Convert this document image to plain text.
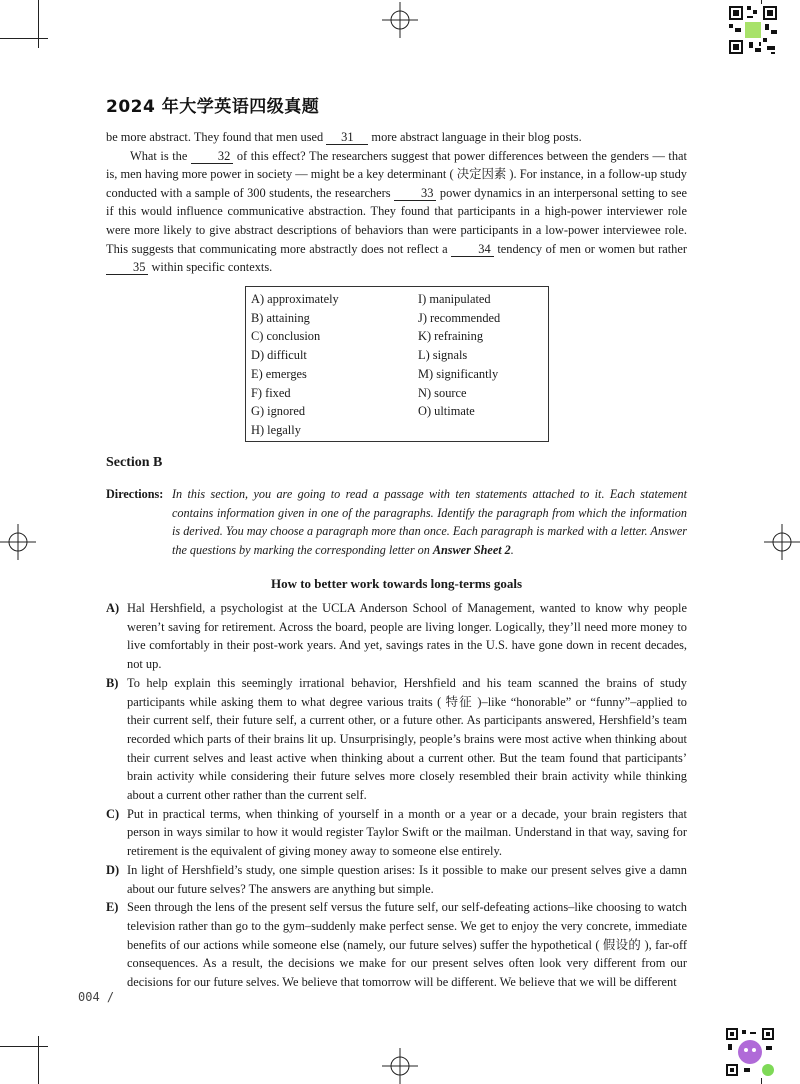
2024 年大学英语四级真题

be more abstract. They found that men used 31 more abstract language in their blog posts.

What is the 32 of this effect? The researchers suggest that power differences between the genders — that is, men having more power in society — might be a key determinant ( 决定因素 ). For instance, in a follow-up study conducted with a sample of 300 students, the researchers 33 power dynamics in an interpersonal setting to see if this would influence communicative abstraction. They found that participants in a high-power interviewer role were more likely to give abstract descriptions of behaviors than were participants in a low-power interviewee role. This suggests that communicating more abstractly does not reflect a 34 tendency of men or women but rather 35 within specific contexts.

A) approximately
B) attaining
C) conclusion
D) difficult
E) emerges
F) fixed
G) ignored
H) legally
I) manipulated
J) recommended
K) refraining
L) signals
M) significantly
N) source
O) ultimate
Section B
Directions: In this section, you are going to read a passage with ten statements attached to it. Each statement contains information given in one of the paragraphs. Identify the paragraph from which the information is derived. You may choose a paragraph more than once. Each paragraph is marked with a letter. Answer the questions by marking the corresponding letter on Answer Sheet 2.
How to better work towards long-terms goals

A) Hal Hershfield, a psychologist at the UCLA Anderson School of Management, wanted to know why people weren’t saving for retirement. Across the board, people are living longer. Logically, they’ll need more money to live comfortably in their post-work years. And yet, savings rates in the U.S. have gone down in recent decades, not up.

B) To help explain this seemingly irrational behavior, Hershfield and his team scanned the brains of study participants while asking them to what degree various traits ( 特征 )–like “honorable” or “funny”–applied to their current self, their future self, a current other, or a future other. As participants answered, Hershfield’s team recorded which parts of their brains lit up. Unsurprisingly, people’s brains were most active when thinking about their current selves and least active when thinking about a current other. But the team found that participants’ brain activity while considering their future selves more closely resembled their brain activity while thinking about a current other rather than the current self.

C) Put in practical terms, when thinking of yourself in a month or a year or a decade, your brain registers that person in ways similar to how it would register Taylor Swift or the mailman. Understand in that way, saving for retirement is the equivalent of giving money away to someone else entirely.

D) In light of Hershfield’s study, one simple question arises: Is it possible to make our present selves give a damn about our future selves? The answers are anything but simple.

E) Seen through the lens of the present self versus the future self, our self-defeating actions–like choosing to watch television rather than go to the gym–suddenly make perfect sense. We get to enjoy the very concrete, immediate benefits of our actions while someone else (namely, our future selves) suffer the hypothetical ( 假设的 ), far-off consequences. As a result, the decisions we make for our present selves often look very different from our decisions for our future selves. We believe that tomorrow will be different. We believe that we will be different

004 /
